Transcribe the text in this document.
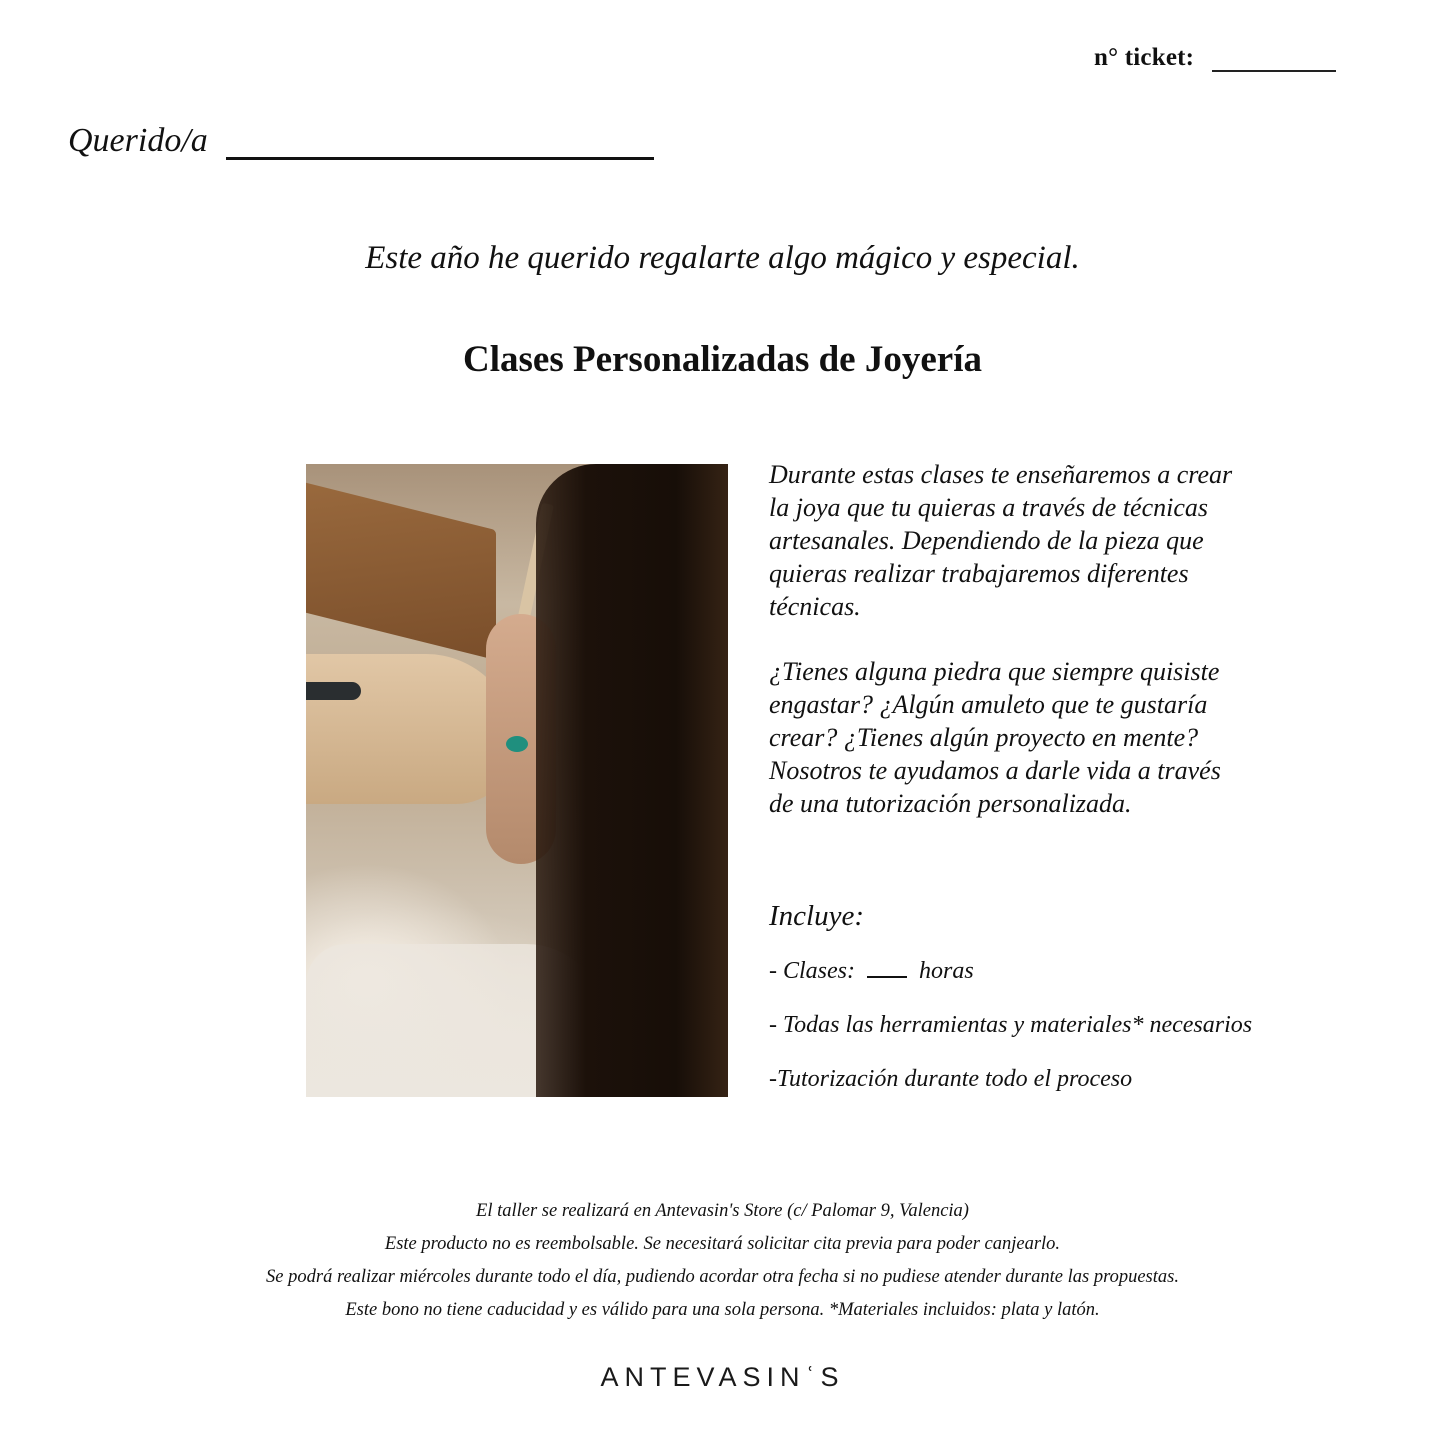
n° ticket:
Querido/a
Este año he querido regalarte algo mágico y especial.
Clases Personalizadas de Joyería

Durante estas clases te enseñaremos a crear la joya que tu quieras a través de técnicas artesanales. Dependiendo de la pieza que quieras realizar trabajaremos diferentes técnicas.

¿Tienes alguna piedra que siempre quisiste engastar? ¿Algún amuleto que te gustaría crear? ¿Tienes algún proyecto en mente? Nosotros te ayudamos a darle vida a través de una tutorización personalizada.

Incluye:
- Clases:	horas
- Todas las herramientas y materiales* necesarios
-Tutorización durante todo el proceso
El taller se realizará en Antevasin's Store (c/ Palomar 9, Valencia)
Este producto no es reembolsable. Se necesitará solicitar cita previa para poder canjearlo.
Se podrá realizar miércoles durante todo el día, pudiendo acordar otra fecha si no pudiese atender durante las propuestas.
Este bono no tiene caducidad y es válido para una sola persona. *Materiales incluidos: plata y latón.
ANTEVASINʿS
